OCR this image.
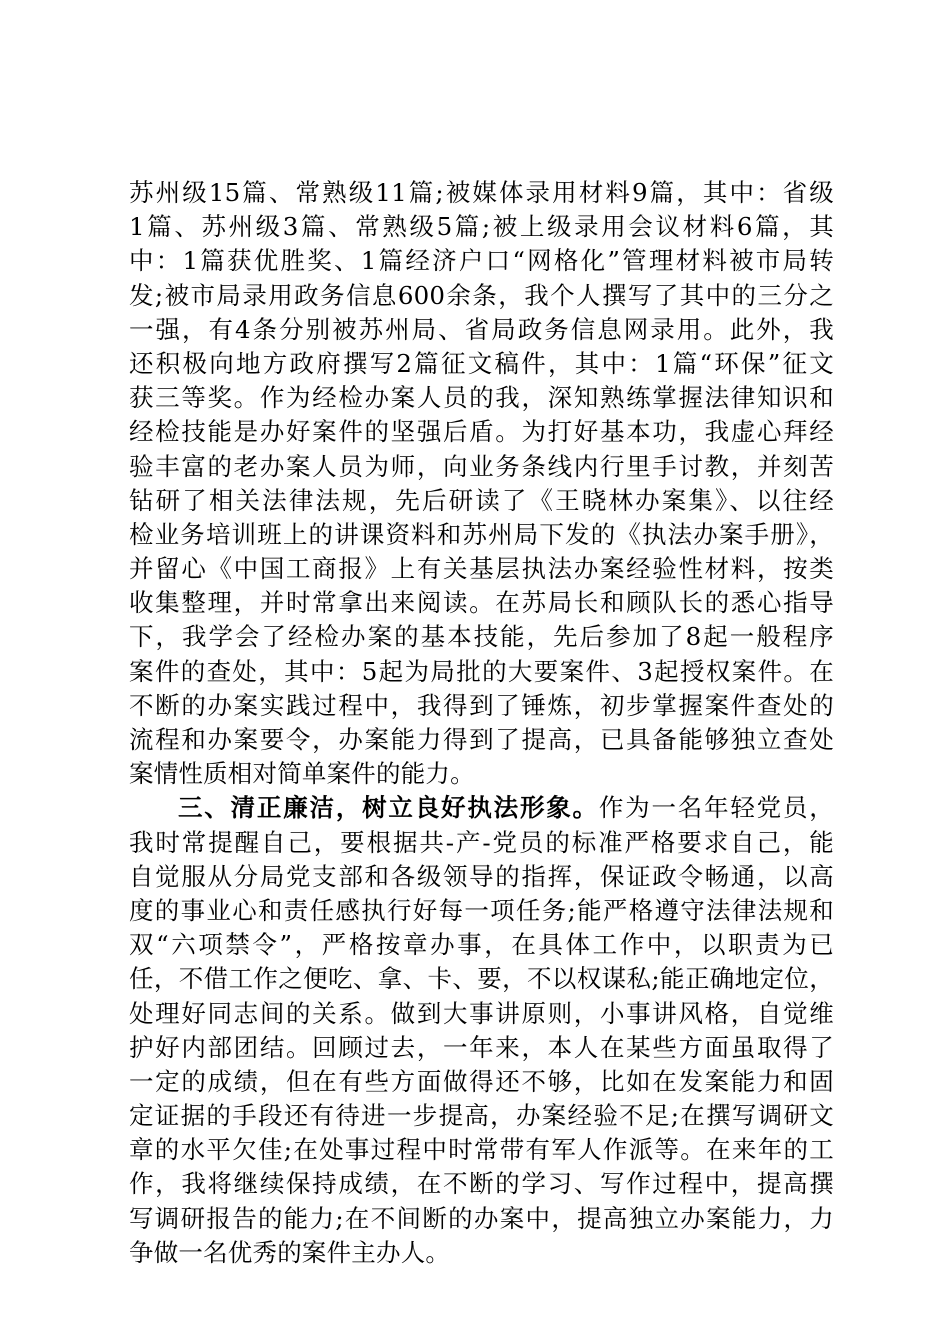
苏州级15篇、常熟级11篇;被媒体录用材料9篇，其中：省级
1篇、苏州级3篇、常熟级5篇;被上级录用会议材料6篇，其
中：1篇获优胜奖、1篇经济户口“网格化”管理材料被市局转
发;被市局录用政务信息600余条，我个人撰写了其中的三分之
一强，有4条分别被苏州局、省局政务信息网录用。此外，我
还积极向地方政府撰写2篇征文稿件，其中：1篇“环保”征文
获三等奖。作为经检办案人员的我，深知熟练掌握法律知识和
经检技能是办好案件的坚强后盾。为打好基本功，我虚心拜经
验丰富的老办案人员为师，向业务条线内行里手讨教，并刻苦
钻研了相关法律法规，先后研读了《王晓林办案集》、以往经
检业务培训班上的讲课资料和苏州局下发的《执法办案手册》，
并留心《中国工商报》上有关基层执法办案经验性材料，按类
收集整理，并时常拿出来阅读。在苏局长和顾队长的悉心指导
下，我学会了经检办案的基本技能，先后参加了8起一般程序
案件的查处，其中：5起为局批的大要案件、3起授权案件。在
不断的办案实践过程中，我得到了锤炼，初步掌握案件查处的
流程和办案要令，办案能力得到了提高，已具备能够独立查处
案情性质相对简单案件的能力。
三、清正廉洁，树立良好执法形象。作为一名年轻党员，
我时常提醒自己，要根据共-产-党员的标准严格要求自己，能
自觉服从分局党支部和各级领导的指挥，保证政令畅通，以高
度的事业心和责任感执行好每一项任务;能严格遵守法律法规和
双“六项禁令”，严格按章办事，在具体工作中，以职责为已
任，不借工作之便吃、拿、卡、要，不以权谋私;能正确地定位，
处理好同志间的关系。做到大事讲原则，小事讲风格，自觉维
护好内部团结。回顾过去，一年来，本人在某些方面虽取得了
一定的成绩，但在有些方面做得还不够，比如在发案能力和固
定证据的手段还有待进一步提高，办案经验不足;在撰写调研文
章的水平欠佳;在处事过程中时常带有军人作派等。在来年的工
作，我将继续保持成绩，在不断的学习、写作过程中，提高撰
写调研报告的能力;在不间断的办案中，提高独立办案能力，力
争做一名优秀的案件主办人。
